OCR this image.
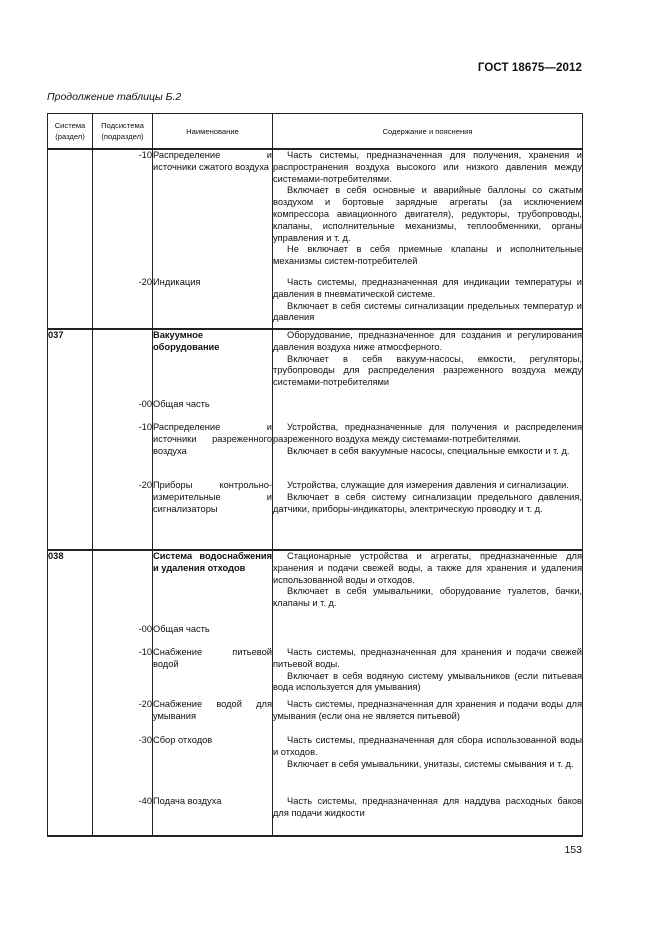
ГОСТ 18675—2012
Продолжение таблицы Б.2
Система (раздел)	Подсистема (подраздел)	Наименование	Содержание и пояснения
	-10	Распределение и источники сжатого воздуха	Часть системы, предназначенная для получения, хранения и распространения воздуха высокого или низкого давления между системами-потребителями.
Включает в себя основные и аварийные баллоны со сжатым воздухом и бортовые зарядные агрегаты (за исключением компрессора авиационного двигателя), редукторы, трубопроводы, клапаны, исполнительные механизмы, теплообменники, органы управления и т. д.
Не включает в себя приемные клапаны и исполнительные механизмы систем-потребителей

	-20	Индикация	Часть системы, предназначенная для индикации температуры и давления в пневматической системе.
Включает в себя системы сигнализации предельных температур и давления

037		Вакуумное оборудование	Оборудование, предназначенное для создания и регулирования давления воздуха ниже атмосферного.
Включает в себя вакуум-насосы, емкости, регуляторы, трубопроводы для распределения разреженного воздуха между системами-потребителями

	-00	Общая часть	

	-10	Распределение и источники разреженного воздуха	Устройства, предназначенные для получения и распределения разреженного воздуха между системами-потребителями.
Включает в себя вакуумные насосы, специальные емкости и т. д.

	-20	Приборы контрольно-измерительные и сигнализаторы	Устройства, служащие для измерения давления и сигнализации.
Включает в себя систему сигнализации предельного давления, датчики, приборы-индикаторы, электрическую проводку и т. д.

038		Система водоснабжения и удаления отходов	Стационарные устройства и агрегаты, предназначенные для хранения и подачи свежей воды, а также для хранения и удаления использованной воды и отходов.
Включает в себя умывальники, оборудование туалетов, бачки, клапаны и т. д.

	-00	Общая часть	

	-10	Снабжение питьевой водой	Часть системы, предназначенная для хранения и подачи свежей питьевой воды.
Включает в себя водяную систему умывальников (если питьевая вода используется для умывания)

	-20	Снабжение водой для умывания	Часть системы, предназначенная для хранения и подачи воды для умывания (если она не является питьевой)

	-30	Сбор отходов	Часть системы, предназначенная для сбора использованной воды и отходов.
Включает в себя умывальники, унитазы, системы смывания и т. д.

	-40	Подача воздуха	Часть системы, предназначенная для наддува расходных баков для подачи жидкости
153
